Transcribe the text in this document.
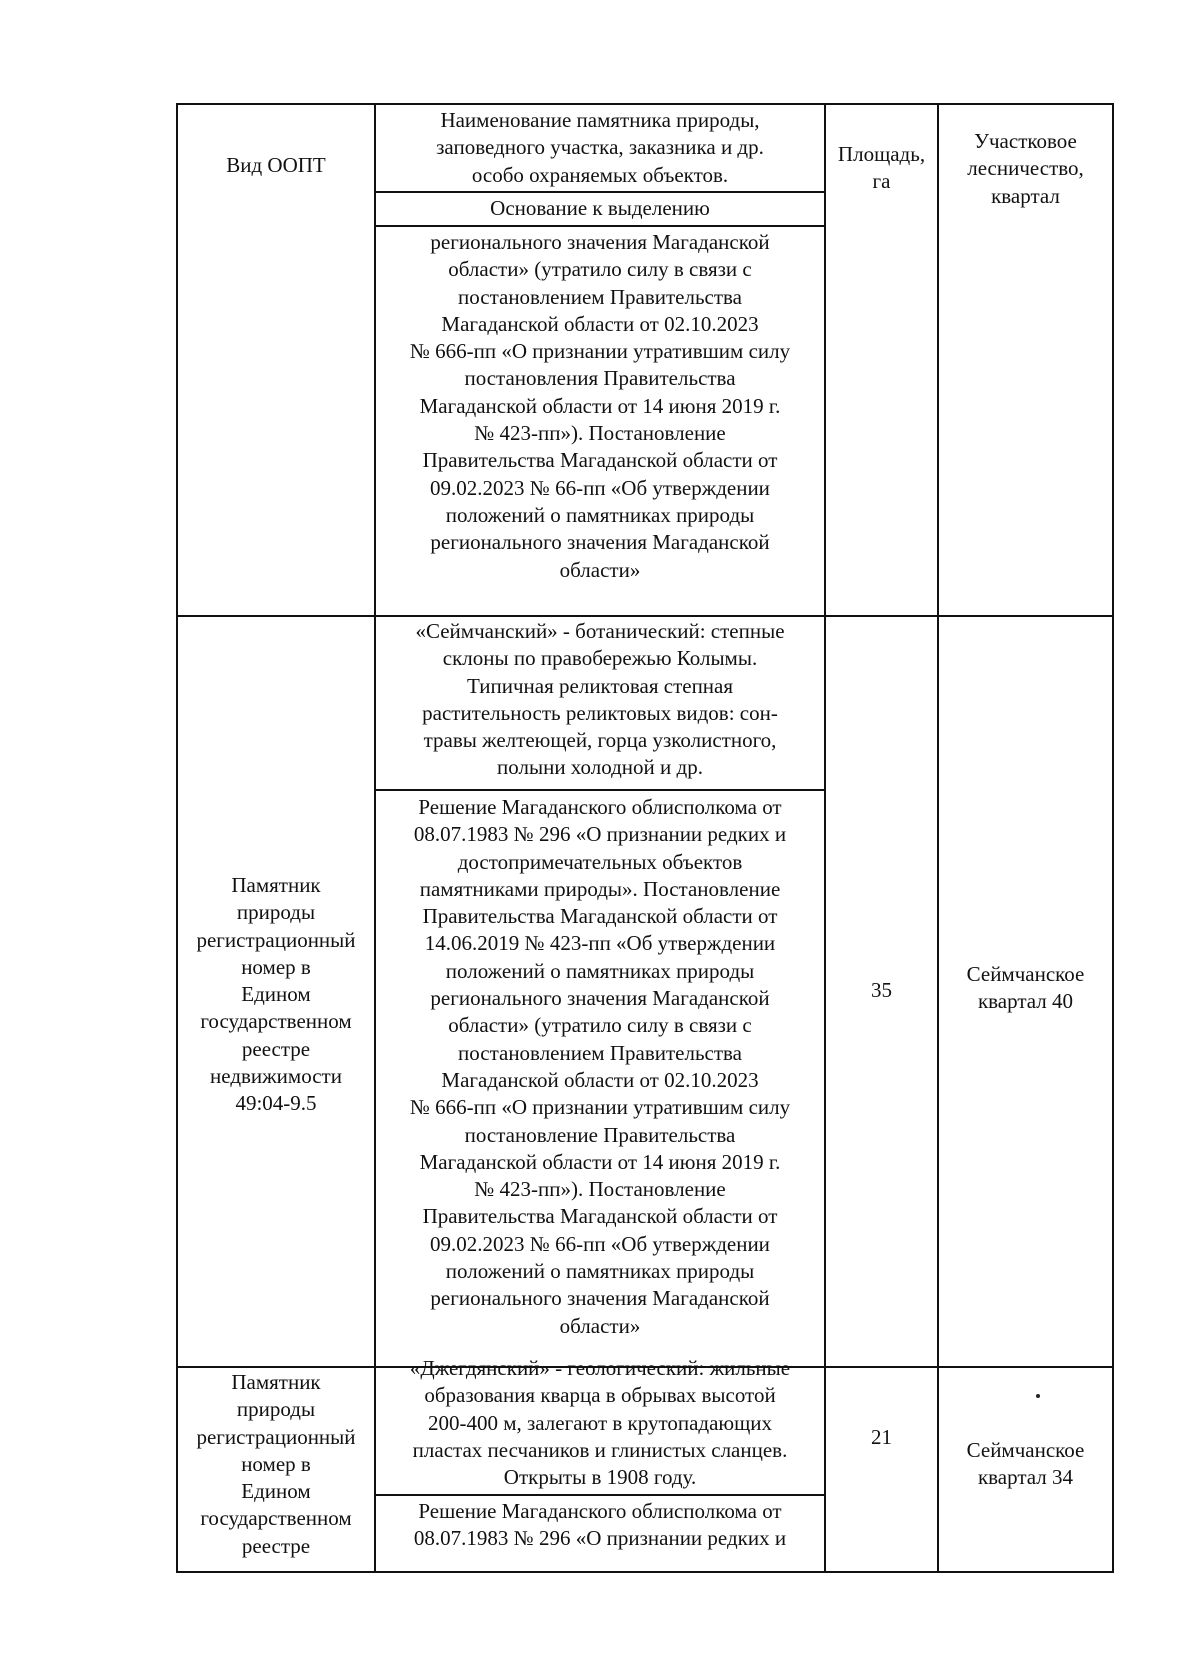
Вид ООПТ
Наименование памятника природы,
заповедного участка, заказника и др.
особо охраняемых объектов.
Основание к выделению
Площадь,
га
Участковое
лесничество,
квартал
регионального значения Магаданской
области» (утратило силу в связи с
постановлением Правительства
Магаданской области от 02.10.2023
№ 666-пп «О признании утратившим силу
постановления Правительства
Магаданской области от 14 июня 2019 г.
№ 423-пп»). Постановление
Правительства Магаданской области от
09.02.2023 № 66-пп «Об утверждении
положений о памятниках природы
регионального значения Магаданской
области»
Памятник
природы
регистрационный
номер в
Едином
государственном
реестре
недвижимости
49:04-9.5
«Сеймчанский» - ботанический: степные
склоны по правобережью Колымы.
Типичная реликтовая степная
растительность реликтовых видов: сон-
травы желтеющей, горца узколистного,
полыни холодной и др.
Решение Магаданского облисполкома от
08.07.1983 № 296 «О признании редких и
достопримечательных объектов
памятниками природы». Постановление
Правительства Магаданской области от
14.06.2019 № 423-пп «Об утверждении
положений о памятниках природы
регионального значения Магаданской
области» (утратило силу в связи с
постановлением Правительства
Магаданской области от 02.10.2023
№ 666-пп «О признании утратившим силу
постановление Правительства
Магаданской области от 14 июня 2019 г.
№ 423-пп»). Постановление
Правительства Магаданской области от
09.02.2023 № 66-пп «Об утверждении
положений о памятниках природы
регионального значения Магаданской
области»
35
Сеймчанское
квартал 40
Памятник
природы
регистрационный
номер в
Едином
государственном
реестре
«Джегдянский» - геологический: жильные
образования кварца в обрывах высотой
200-400 м, залегают в крутопадающих
пластах песчаников и глинистых сланцев.
Открыты в 1908 году.
Решение Магаданского облисполкома от
08.07.1983 № 296 «О признании редких и
21
Сеймчанское
квартал 34
